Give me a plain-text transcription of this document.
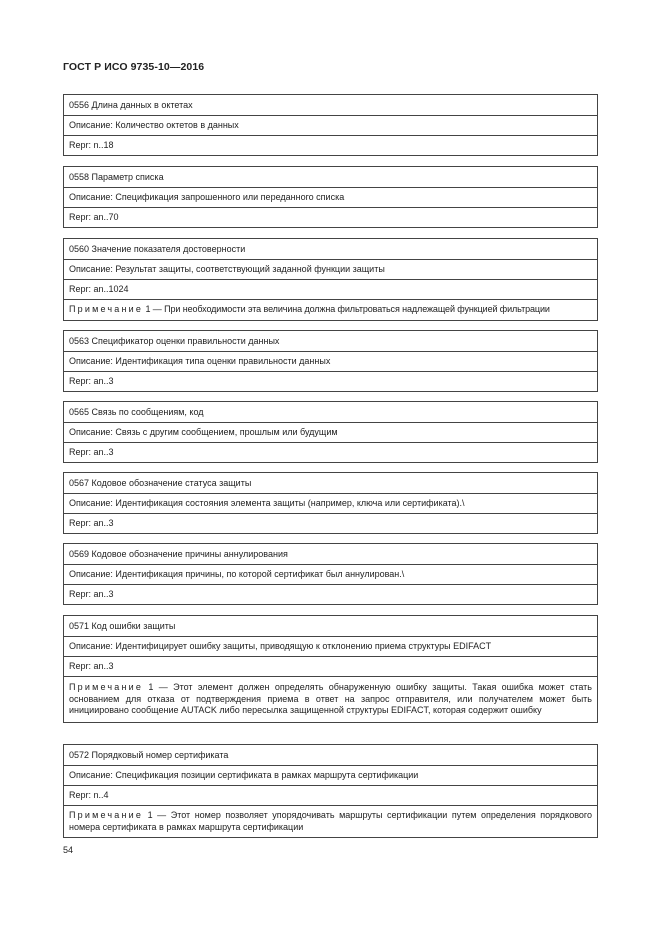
ГОСТ Р ИСО 9735-10—2016
0556 Длина данных в октетах
Описание: Количество октетов в данных
Repr: n..18
0558 Параметр списка
Описание: Спецификация запрошенного или переданного списка
Repr: an..70
0560 Значение показателя достоверности
Описание: Результат защиты, соответствующий заданной функции защиты
Repr: an..1024
Примечание 1 — При необходимости эта величина должна фильтроваться надлежащей функцией фильтрации
0563 Спецификатор оценки правильности данных
Описание: Идентификация типа оценки правильности данных
Repr: an..3
0565 Связь по сообщениям, код
Описание: Связь с другим сообщением, прошлым или будущим
Repr: an..3
0567 Кодовое обозначение статуса защиты
Описание: Идентификация состояния элемента защиты (например, ключа или сертификата).\
Repr: an..3
0569 Кодовое обозначение причины аннулирования
Описание: Идентификация причины, по которой сертификат был аннулирован.\
Repr: an..3
0571 Код ошибки защиты
Описание: Идентифицирует ошибку защиты, приводящую к отклонению приема структуры EDIFACT
Repr: an..3
Примечание 1 — Этот элемент должен определять обнаруженную ошибку защиты. Такая ошибка может стать основанием для отказа от подтверждения приема в ответ на запрос отправителя, или получателем может быть инициировано сообщение AUTACK либо пересылка защищенной структуры EDIFACT, которая содержит ошибку
0572 Порядковый номер сертификата
Описание: Спецификация позиции сертификата в рамках маршрута сертификации
Repr: n..4
Примечание 1 — Этот номер позволяет упорядочивать маршруты сертификации путем определения порядкового номера сертификата в рамках маршрута сертификации
54
